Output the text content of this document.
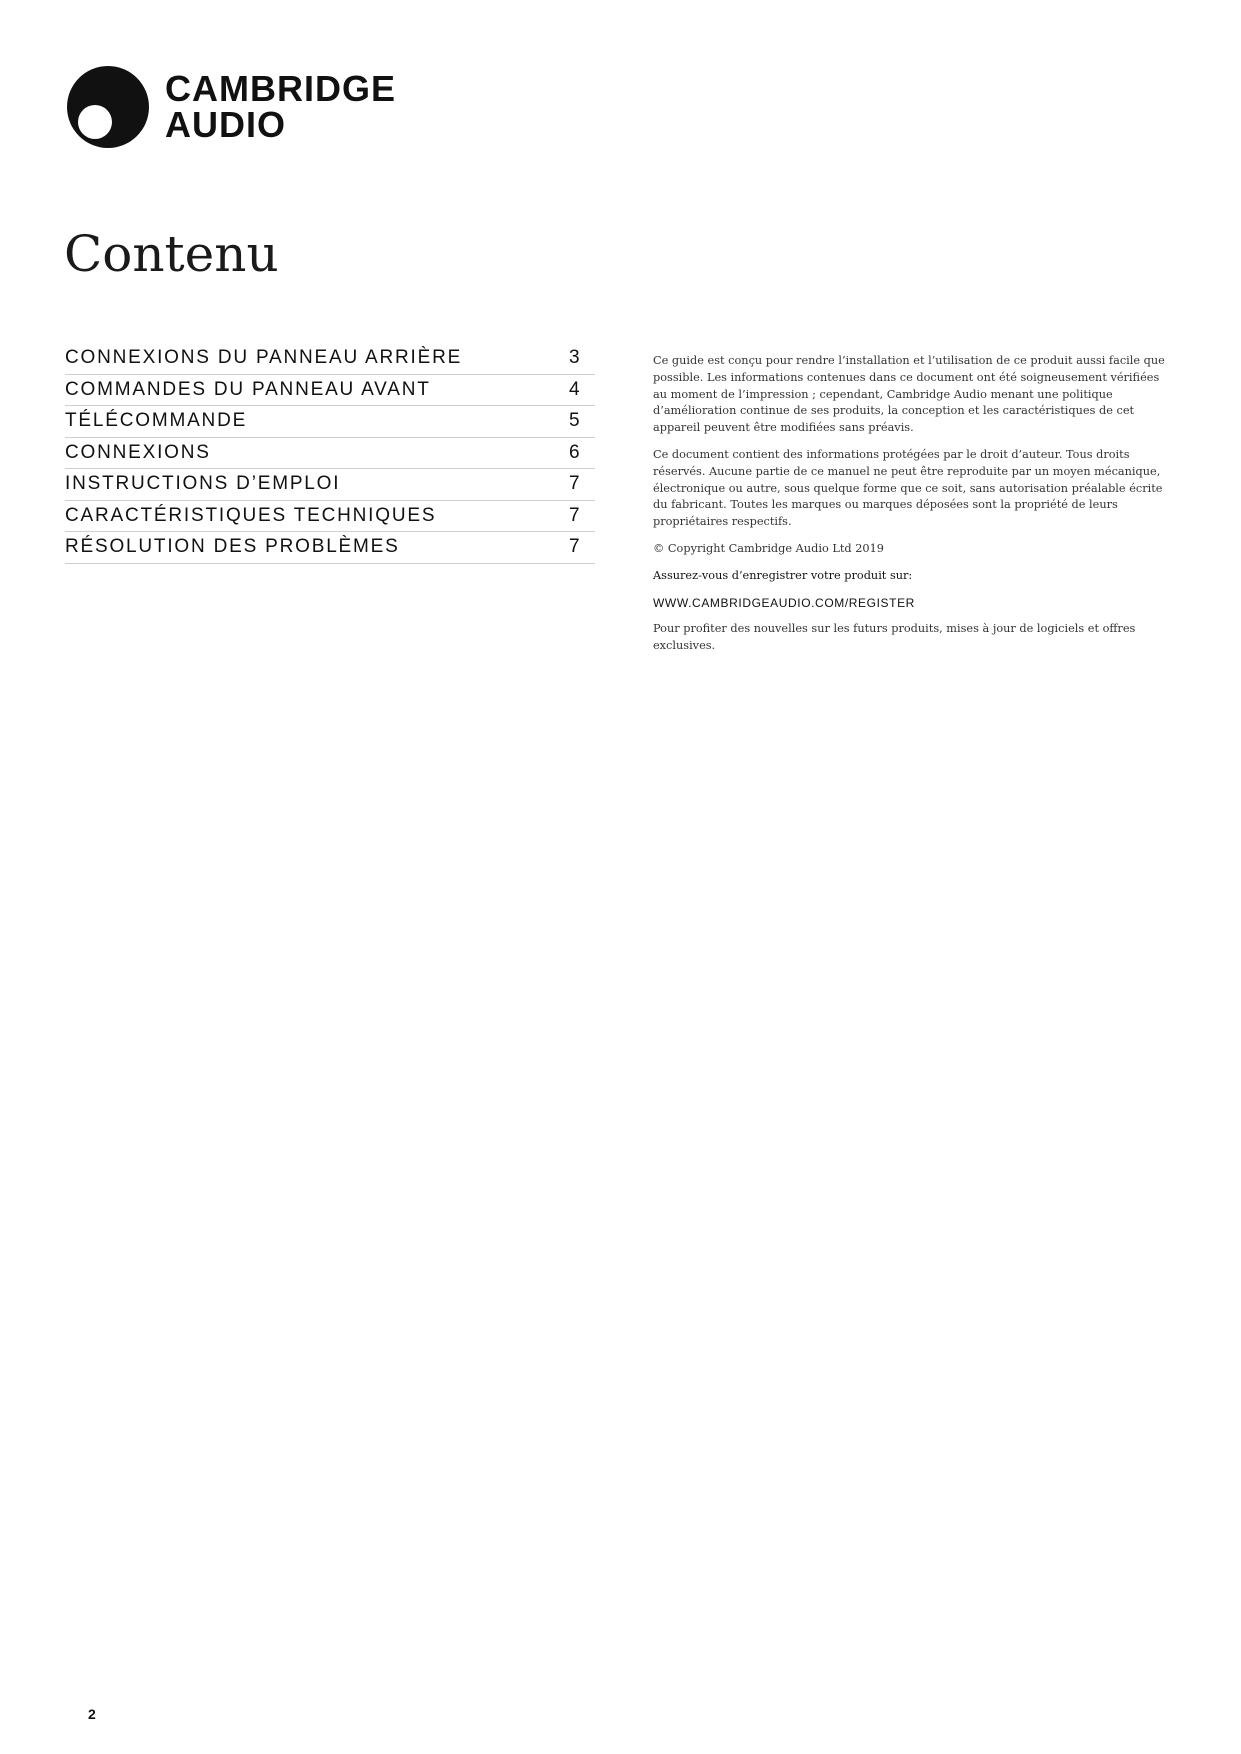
CAMBRIDGE
AUDIO
Contenu
CONNEXIONS DU PANNEAU ARRIÈRE	3
COMMANDES DU PANNEAU AVANT	4
TÉLÉCOMMANDE	5
CONNEXIONS	6
INSTRUCTIONS D’EMPLOI	7
CARACTÉRISTIQUES TECHNIQUES	7
RÉSOLUTION DES PROBLÈMES	7

Ce guide est conçu pour rendre l’installation et l’utilisation de ce produit aussi facile que possible. Les informations contenues dans ce document ont été soigneusement vérifiées au moment de l’impression ; cependant, Cambridge Audio menant une politique d’amélioration continue de ses produits, la conception et les caractéristiques de cet appareil peuvent être modifiées sans préavis.

Ce document contient des informations protégées par le droit d’auteur. Tous droits réservés. Aucune partie de ce manuel ne peut être reproduite par un moyen mécanique, électronique ou autre, sous quelque forme que ce soit, sans autorisation préalable écrite du fabricant. Toutes les marques ou marques déposées sont la propriété de leurs propriétaires respectifs.

© Copyright Cambridge Audio Ltd 2019

Assurez-vous d’enregistrer votre produit sur:

WWW.CAMBRIDGEAUDIO.COM/REGISTER

Pour profiter des nouvelles sur les futurs produits, mises à jour de logiciels et offres exclusives.

2
